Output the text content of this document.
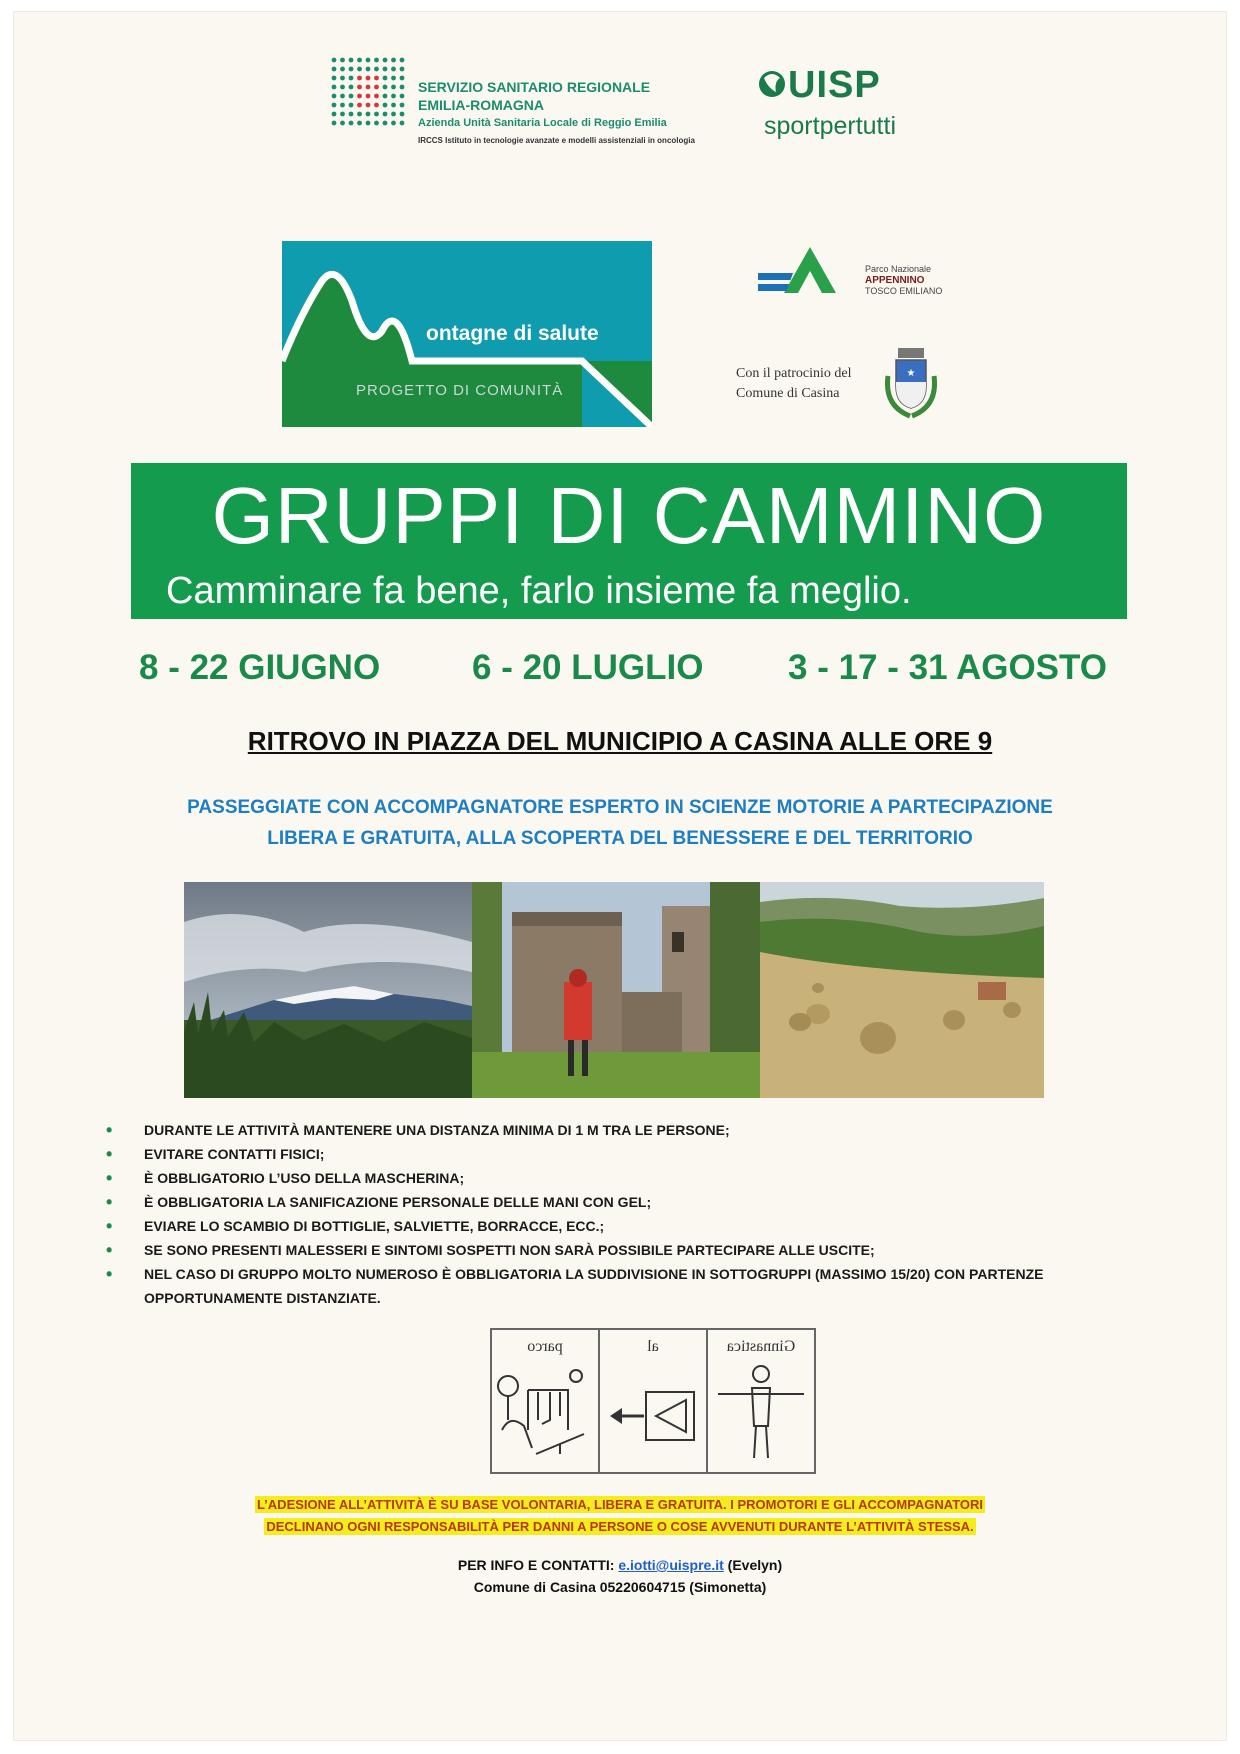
SERVIZIO SANITARIO REGIONALE
EMILIA-ROMAGNA
Azienda Unità Sanitaria Locale di Reggio Emilia
IRCCS Istituto in tecnologie avanzate e modelli assistenziali in oncologia
UISP
sportpertutti
ontagne di salute
PROGETTO DI COMUNITÀ
Parco Nazionale
APPENNINO
TOSCO EMILIANO
Con il patrocinio del
Comune di Casina
★
GRUPPI DI CAMMINO
Camminare fa bene, farlo insieme fa meglio.
8 - 22 GIUGNO	6 - 20 LUGLIO 3 - 17 - 31 AGOSTO
RITROVO IN PIAZZA DEL MUNICIPIO A CASINA ALLE ORE 9
PASSEGGIATE CON ACCOMPAGNATORE ESPERTO IN SCIENZE MOTORIE A PARTECIPAZIONE
LIBERA E GRATUITA, ALLA SCOPERTA DEL BENESSERE E DEL TERRITORIO
• DURANTE LE ATTIVITÀ MANTENERE UNA DISTANZA MINIMA DI 1 M TRA LE PERSONE;
• EVITARE CONTATTI FISICI;
• È OBBLIGATORIO L’USO DELLA MASCHERINA;
• È OBBLIGATORIA LA SANIFICAZIONE PERSONALE DELLE MANI CON GEL;
• EVIARE LO SCAMBIO DI BOTTIGLIE, SALVIETTE, BORRACCE, ECC.;
• SE SONO PRESENTI MALESSERI E SINTOMI SOSPETTI NON SARÀ POSSIBILE PARTECIPARE ALLE USCITE;
• NEL CASO DI GRUPPO MOLTO NUMEROSO È OBBLIGATORIA LA SUDDIVISIONE IN SOTTOGRUPPI (MASSIMO 15/20) CON PARTENZE OPPORTUNAMENTE DISTANZIATE.
parco	al	Ginnastica
L’ADESIONE ALL’ATTIVITÀ È SU BASE VOLONTARIA, LIBERA E GRATUITA. I PROMOTORI E GLI ACCOMPAGNATORI
DECLINANO OGNI RESPONSABILITÀ PER DANNI A PERSONE O COSE AVVENUTI DURANTE L’ATTIVITÀ STESSA.
PER INFO E CONTATTI: e.iotti@uispre.it (Evelyn)
Comune di Casina 05220604715 (Simonetta)
